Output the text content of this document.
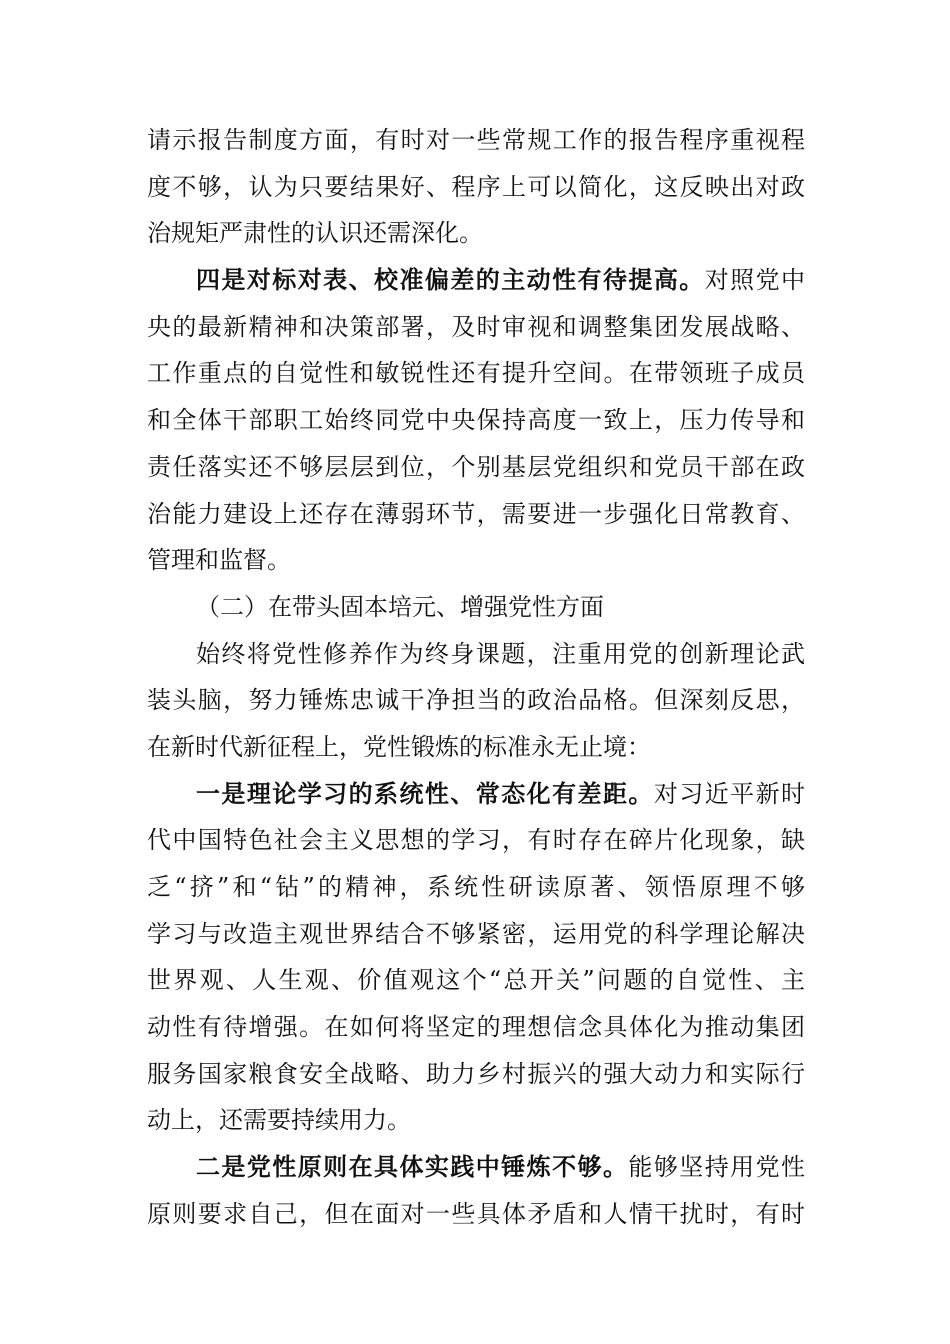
请示报告制度方面，有时对一些常规工作的报告程序重视程
度不够，认为只要结果好、程序上可以简化，这反映出对政
治规矩严肃性的认识还需深化。
四是对标对表、校准偏差的主动性有待提高。对照党中
央的最新精神和决策部署，及时审视和调整集团发展战略、
工作重点的自觉性和敏锐性还有提升空间。在带领班子成员
和全体干部职工始终同党中央保持高度一致上，压力传导和
责任落实还不够层层到位，个别基层党组织和党员干部在政
治能力建设上还存在薄弱环节，需要进一步强化日常教育、
管理和监督。
（二）在带头固本培元、增强党性方面
始终将党性修养作为终身课题，注重用党的创新理论武
装头脑，努力锤炼忠诚干净担当的政治品格。但深刻反思，
在新时代新征程上，党性锻炼的标准永无止境：
一是理论学习的系统性、常态化有差距。对习近平新时
代中国特色社会主义思想的学习，有时存在碎片化现象，缺
乏“挤”和“钻”的精神，系统性研读原著、领悟原理不够
学习与改造主观世界结合不够紧密，运用党的科学理论解决
世界观、人生观、价值观这个“总开关”问题的自觉性、主
动性有待增强。在如何将坚定的理想信念具体化为推动集团
服务国家粮食安全战略、助力乡村振兴的强大动力和实际行
动上，还需要持续用力。
二是党性原则在具体实践中锤炼不够。能够坚持用党性
原则要求自己，但在面对一些具体矛盾和人情干扰时，有时
